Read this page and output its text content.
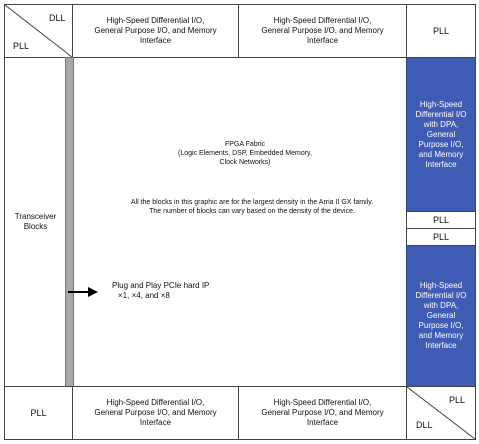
DLL
PLL
High-Speed Differential I/O, General Purpose I/O, and Memory Interface
High-Speed Differential I/O, General Purpose I/O, and Memory Interface
PLL
Transceiver Blocks
FPGA Fabric
(Logic Elements, DSP, Embedded Memory, Clock Networks)
All the blocks in this graphic are for the largest density in the Arria II GX family. The number of blocks can vary based on the density of the device.
Plug and Play PCIe hard IP
×1, ×4, and ×8
High-Speed Differential I/O with DPA, General Purpose I/O, and Memory Interface
PLL
PLL
High-Speed Differential I/O with DPA, General Purpose I/O, and Memory Interface
PLL
High-Speed Differential I/O, General Purpose I/O, and Memory Interface
High-Speed Differential I/O, General Purpose I/O, and Memory Interface
PLL
DLL
